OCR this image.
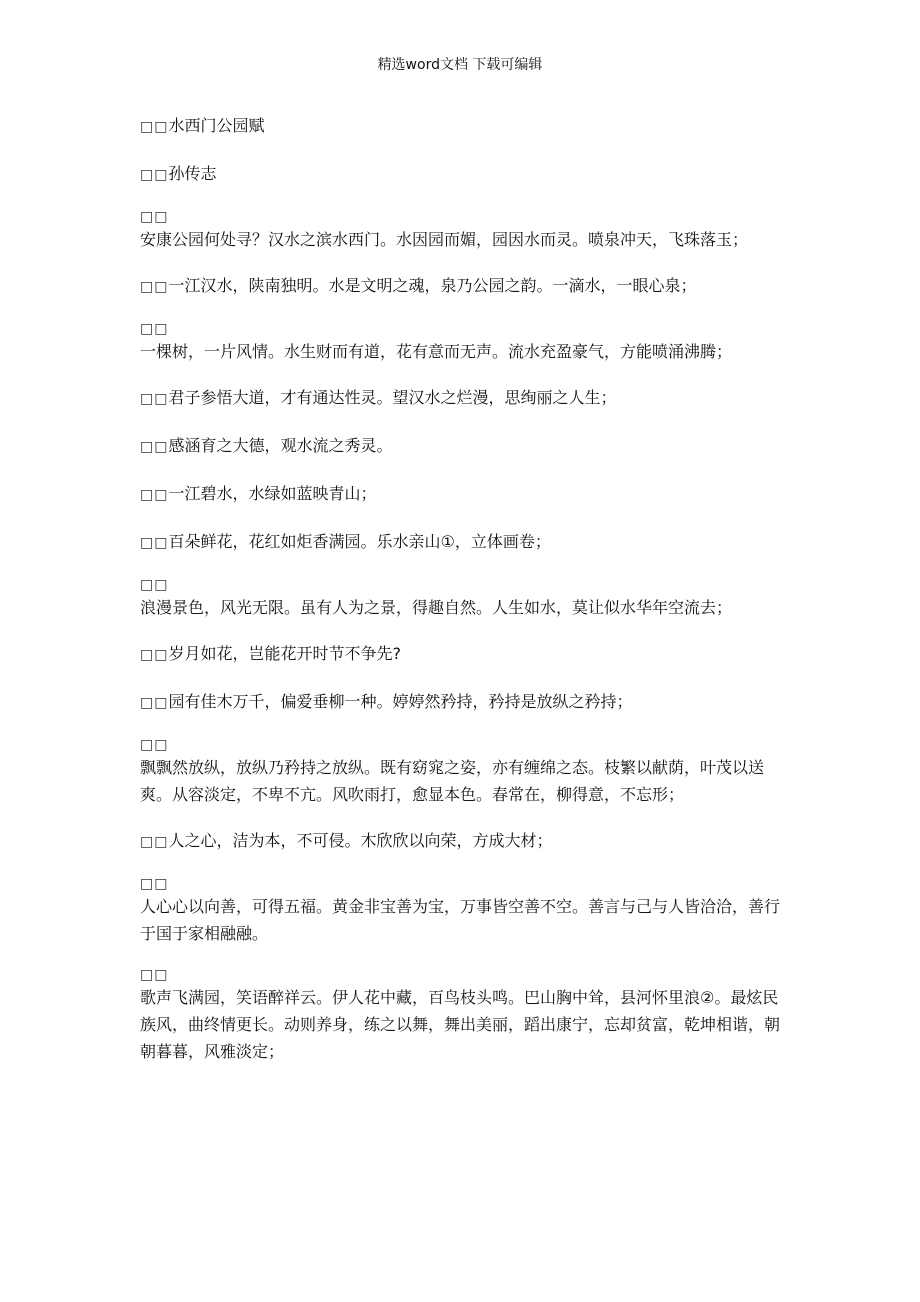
精选word文档 下载可编辑

□□水西门公园赋

□□孙传志

□□
安康公园何处寻？汉水之滨水西门。水因园而媚，园因水而灵。喷泉冲天，飞珠落玉；

□□一江汉水，陕南独明。水是文明之魂，泉乃公园之韵。一滴水，一眼心泉；

□□
一棵树，一片风情。水生财而有道，花有意而无声。流水充盈豪气，方能喷涌沸腾；

□□君子参悟大道，才有通达性灵。望汉水之烂漫，思绚丽之人生；

□□感涵育之大德，观水流之秀灵。

□□一江碧水，水绿如蓝映青山；

□□百朵鲜花，花红如炬香满园。乐水亲山①，立体画卷；

□□
浪漫景色，风光无限。虽有人为之景，得趣自然。人生如水，莫让似水华年空流去；

□□岁月如花，岂能花开时节不争先?

□□园有佳木万千，偏爱垂柳一种。婷婷然矜持，矜持是放纵之矜持；

□□
飘飘然放纵，放纵乃矜持之放纵。既有窈窕之姿，亦有缠绵之态。枝繁以献荫，叶茂以送爽。从容淡定，不卑不亢。风吹雨打，愈显本色。春常在，柳得意，不忘形；

□□人之心，洁为本，不可侵。木欣欣以向荣，方成大材；

□□
人心心以向善，可得五福。黄金非宝善为宝，万事皆空善不空。善言与己与人皆洽洽，善行于国于家相融融。

□□
歌声飞满园，笑语醉祥云。伊人花中藏，百鸟枝头鸣。巴山胸中耸，县河怀里浪②。最炫民族风，曲终情更长。动则养身，练之以舞，舞出美丽，蹈出康宁，忘却贫富，乾坤相谐，朝朝暮暮，风雅淡定；
